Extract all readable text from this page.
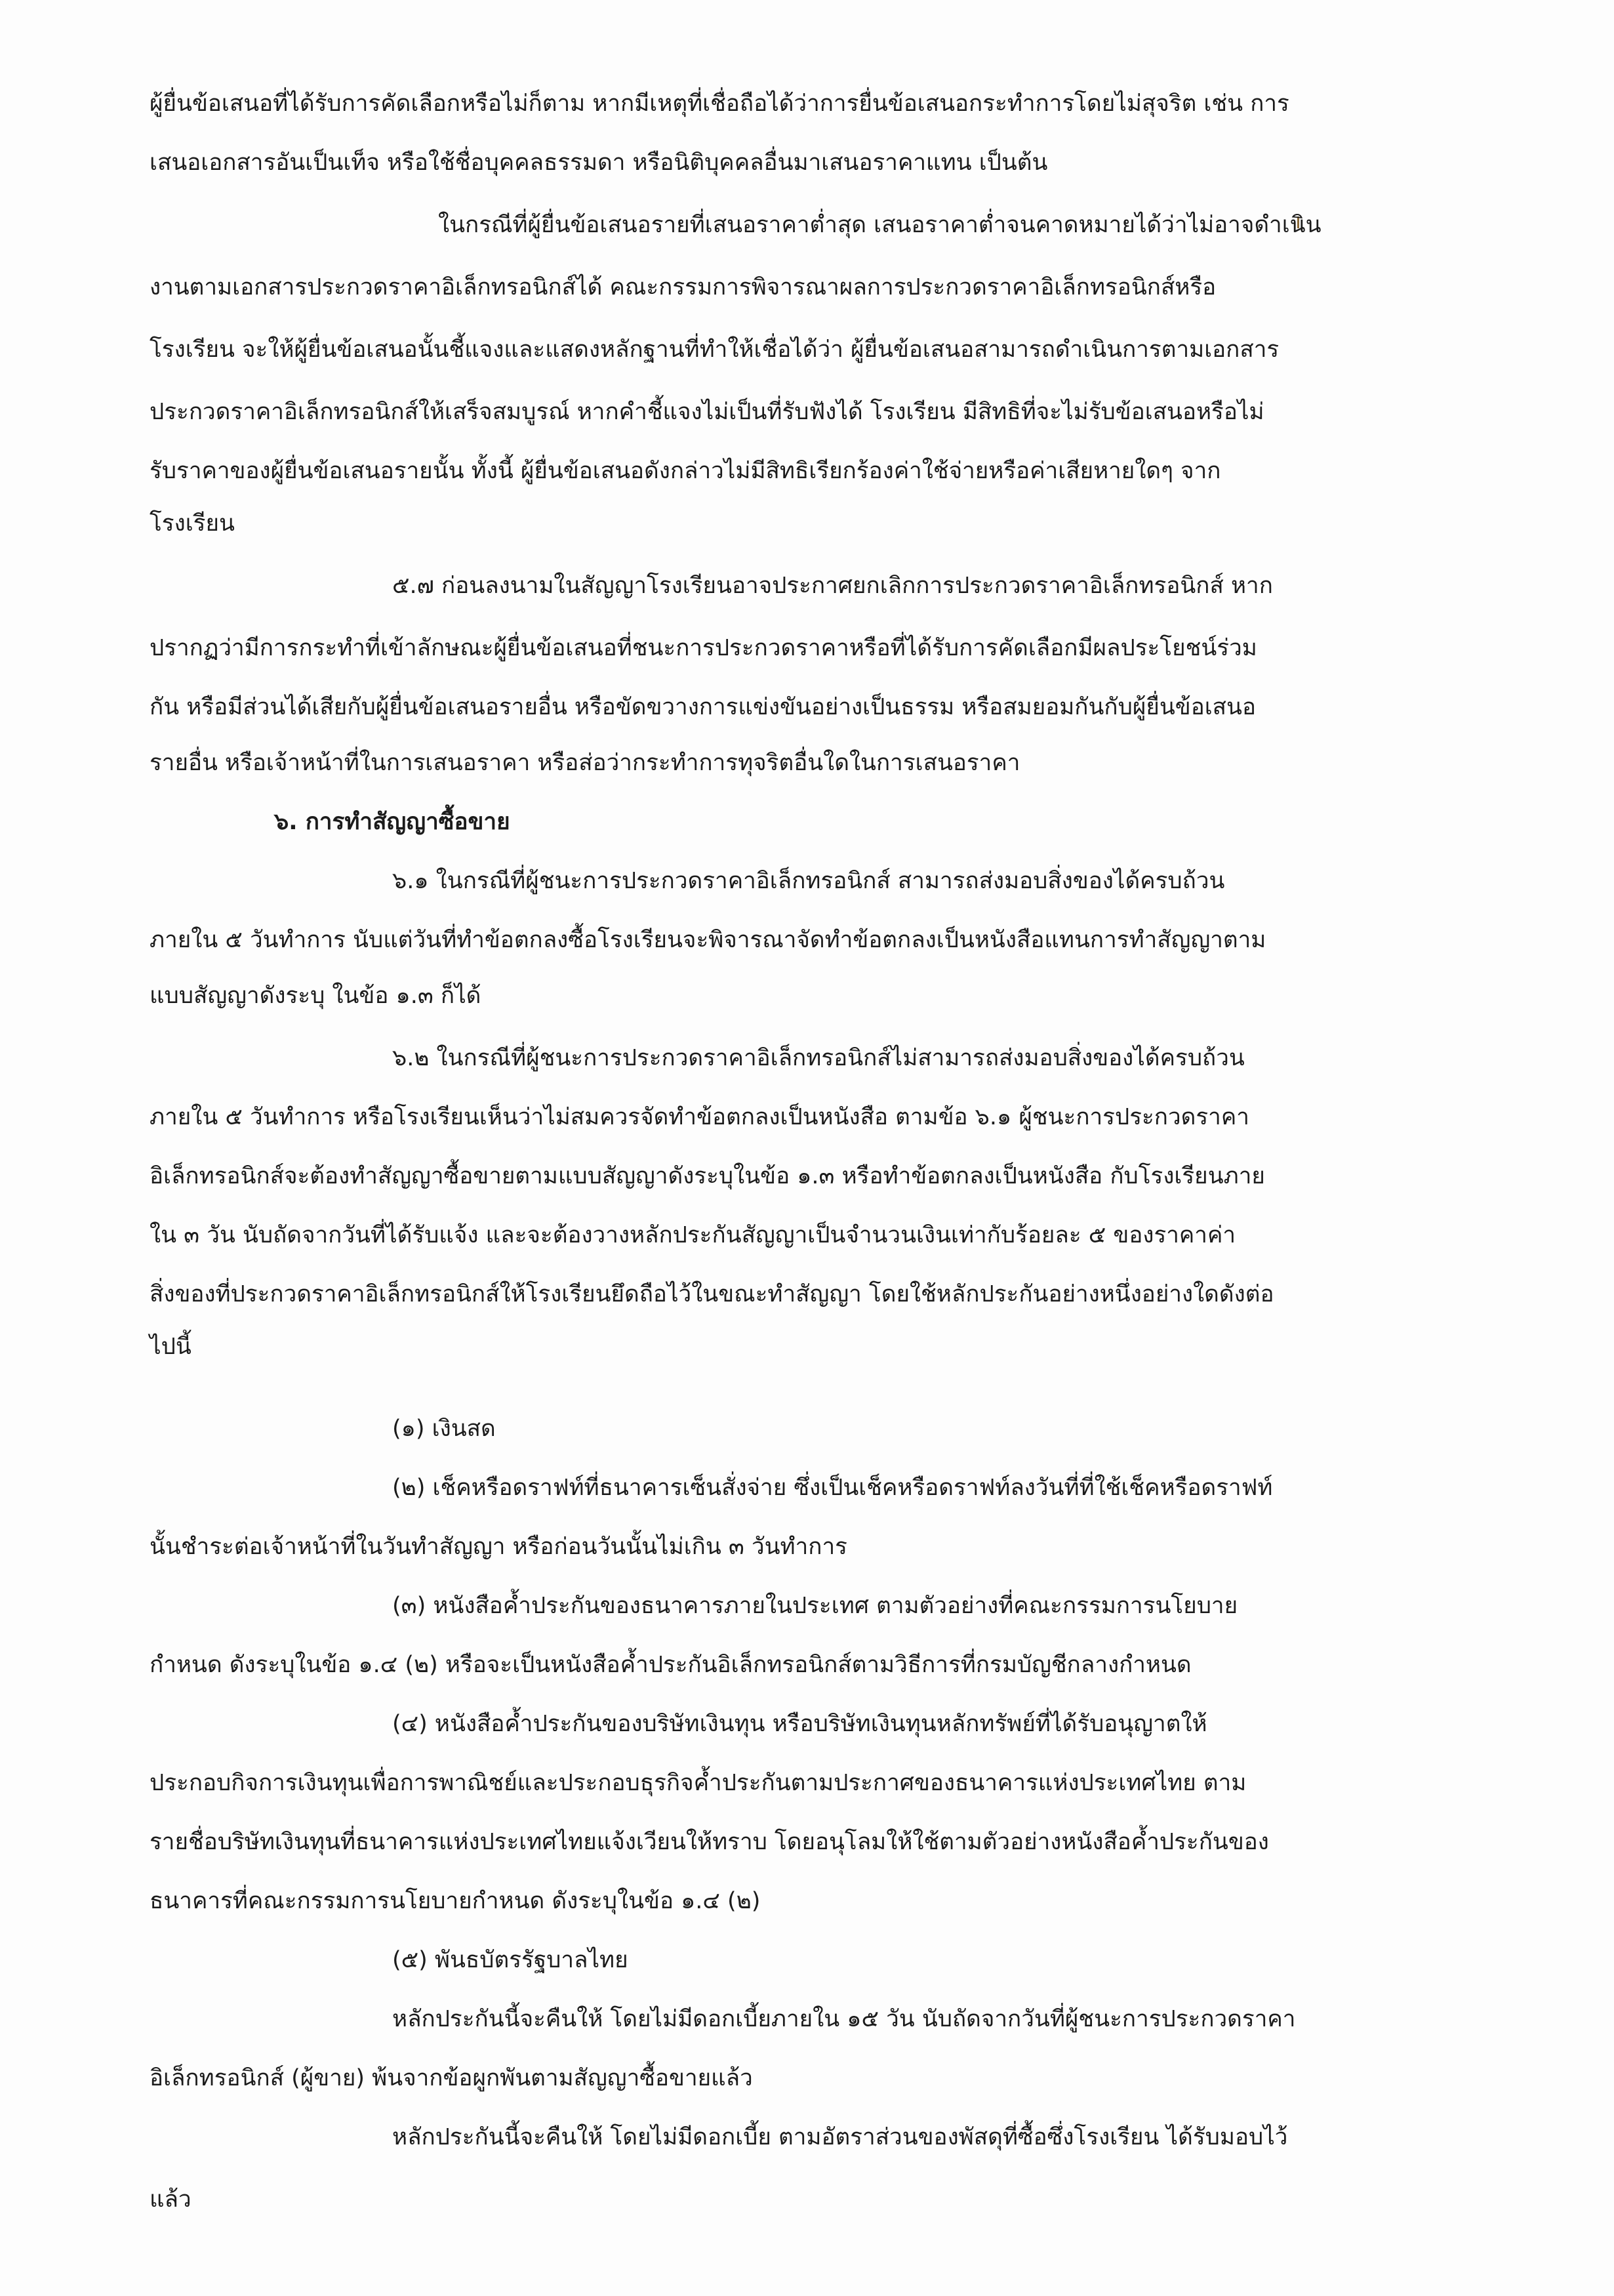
ผู้ยื่นข้อเสนอที่ได้รับการคัดเลือกหรือไม่ก็ตาม หากมีเหตุที่เชื่อถือได้ว่าการยื่นข้อเสนอกระทำการโดยไม่สุจริต เช่น การ
เสนอเอกสารอันเป็นเท็จ หรือใช้ชื่อบุคคลธรรมดา หรือนิติบุคคลอื่นมาเสนอราคาแทน เป็นต้น
ในกรณีที่ผู้ยื่นข้อเสนอรายที่เสนอราคาต่ำสุด เสนอราคาต่ำจนคาดหมายได้ว่าไม่อาจดำเนิน
งานตามเอกสารประกวดราคาอิเล็กทรอนิกส์ได้ คณะกรรมการพิจารณาผลการประกวดราคาอิเล็กทรอนิกส์หรือ
โรงเรียน จะให้ผู้ยื่นข้อเสนอนั้นชี้แจงและแสดงหลักฐานที่ทำให้เชื่อได้ว่า ผู้ยื่นข้อเสนอสามารถดำเนินการตามเอกสาร
ประกวดราคาอิเล็กทรอนิกส์ให้เสร็จสมบูรณ์ หากคำชี้แจงไม่เป็นที่รับฟังได้ โรงเรียน มีสิทธิที่จะไม่รับข้อเสนอหรือไม่
รับราคาของผู้ยื่นข้อเสนอรายนั้น ทั้งนี้ ผู้ยื่นข้อเสนอดังกล่าวไม่มีสิทธิเรียกร้องค่าใช้จ่ายหรือค่าเสียหายใดๆ จาก
โรงเรียน
๕.๗ ก่อนลงนามในสัญญาโรงเรียนอาจประกาศยกเลิกการประกวดราคาอิเล็กทรอนิกส์ หาก
ปรากฏว่ามีการกระทำที่เข้าลักษณะผู้ยื่นข้อเสนอที่ชนะการประกวดราคาหรือที่ได้รับการคัดเลือกมีผลประโยชน์ร่วม
กัน หรือมีส่วนได้เสียกับผู้ยื่นข้อเสนอรายอื่น หรือขัดขวางการแข่งขันอย่างเป็นธรรม หรือสมยอมกันกับผู้ยื่นข้อเสนอ
รายอื่น หรือเจ้าหน้าที่ในการเสนอราคา หรือส่อว่ากระทำการทุจริตอื่นใดในการเสนอราคา
๖. การทำสัญญาซื้อขาย
๖.๑ ในกรณีที่ผู้ชนะการประกวดราคาอิเล็กทรอนิกส์ สามารถส่งมอบสิ่งของได้ครบถ้วน
ภายใน ๕ วันทำการ นับแต่วันที่ทำข้อตกลงซื้อโรงเรียนจะพิจารณาจัดทำข้อตกลงเป็นหนังสือแทนการทำสัญญาตาม
แบบสัญญาดังระบุ ในข้อ ๑.๓ ก็ได้
๖.๒ ในกรณีที่ผู้ชนะการประกวดราคาอิเล็กทรอนิกส์ไม่สามารถส่งมอบสิ่งของได้ครบถ้วน
ภายใน ๕ วันทำการ หรือโรงเรียนเห็นว่าไม่สมควรจัดทำข้อตกลงเป็นหนังสือ ตามข้อ ๖.๑ ผู้ชนะการประกวดราคา
อิเล็กทรอนิกส์จะต้องทำสัญญาซื้อขายตามแบบสัญญาดังระบุในข้อ ๑.๓ หรือทำข้อตกลงเป็นหนังสือ กับโรงเรียนภาย
ใน ๓ วัน นับถัดจากวันที่ได้รับแจ้ง และจะต้องวางหลักประกันสัญญาเป็นจำนวนเงินเท่ากับร้อยละ ๕ ของราคาค่า
สิ่งของที่ประกวดราคาอิเล็กทรอนิกส์ให้โรงเรียนยึดถือไว้ในขณะทำสัญญา โดยใช้หลักประกันอย่างหนึ่งอย่างใดดังต่อ
ไปนี้
(๑) เงินสด
(๒) เช็คหรือดราฟท์ที่ธนาคารเซ็นสั่งจ่าย ซึ่งเป็นเช็คหรือดราฟท์ลงวันที่ที่ใช้เช็คหรือดราฟท์
นั้นชำระต่อเจ้าหน้าที่ในวันทำสัญญา หรือก่อนวันนั้นไม่เกิน ๓ วันทำการ
(๓) หนังสือค้ำประกันของธนาคารภายในประเทศ ตามตัวอย่างที่คณะกรรมการนโยบาย
กำหนด ดังระบุในข้อ ๑.๔ (๒) หรือจะเป็นหนังสือค้ำประกันอิเล็กทรอนิกส์ตามวิธีการที่กรมบัญชีกลางกำหนด
(๔) หนังสือค้ำประกันของบริษัทเงินทุน หรือบริษัทเงินทุนหลักทรัพย์ที่ได้รับอนุญาตให้
ประกอบกิจการเงินทุนเพื่อการพาณิชย์และประกอบธุรกิจค้ำประกันตามประกาศของธนาคารแห่งประเทศไทย ตาม
รายชื่อบริษัทเงินทุนที่ธนาคารแห่งประเทศไทยแจ้งเวียนให้ทราบ โดยอนุโลมให้ใช้ตามตัวอย่างหนังสือค้ำประกันของ
ธนาคารที่คณะกรรมการนโยบายกำหนด ดังระบุในข้อ ๑.๔ (๒)
(๕) พันธบัตรรัฐบาลไทย
หลักประกันนี้จะคืนให้ โดยไม่มีดอกเบี้ยภายใน ๑๕ วัน นับถัดจากวันที่ผู้ชนะการประกวดราคา
อิเล็กทรอนิกส์ (ผู้ขาย) พ้นจากข้อผูกพันตามสัญญาซื้อขายแล้ว
หลักประกันนี้จะคืนให้ โดยไม่มีดอกเบี้ย ตามอัตราส่วนของพัสดุที่ซื้อซึ่งโรงเรียน ได้รับมอบไว้
แล้ว
